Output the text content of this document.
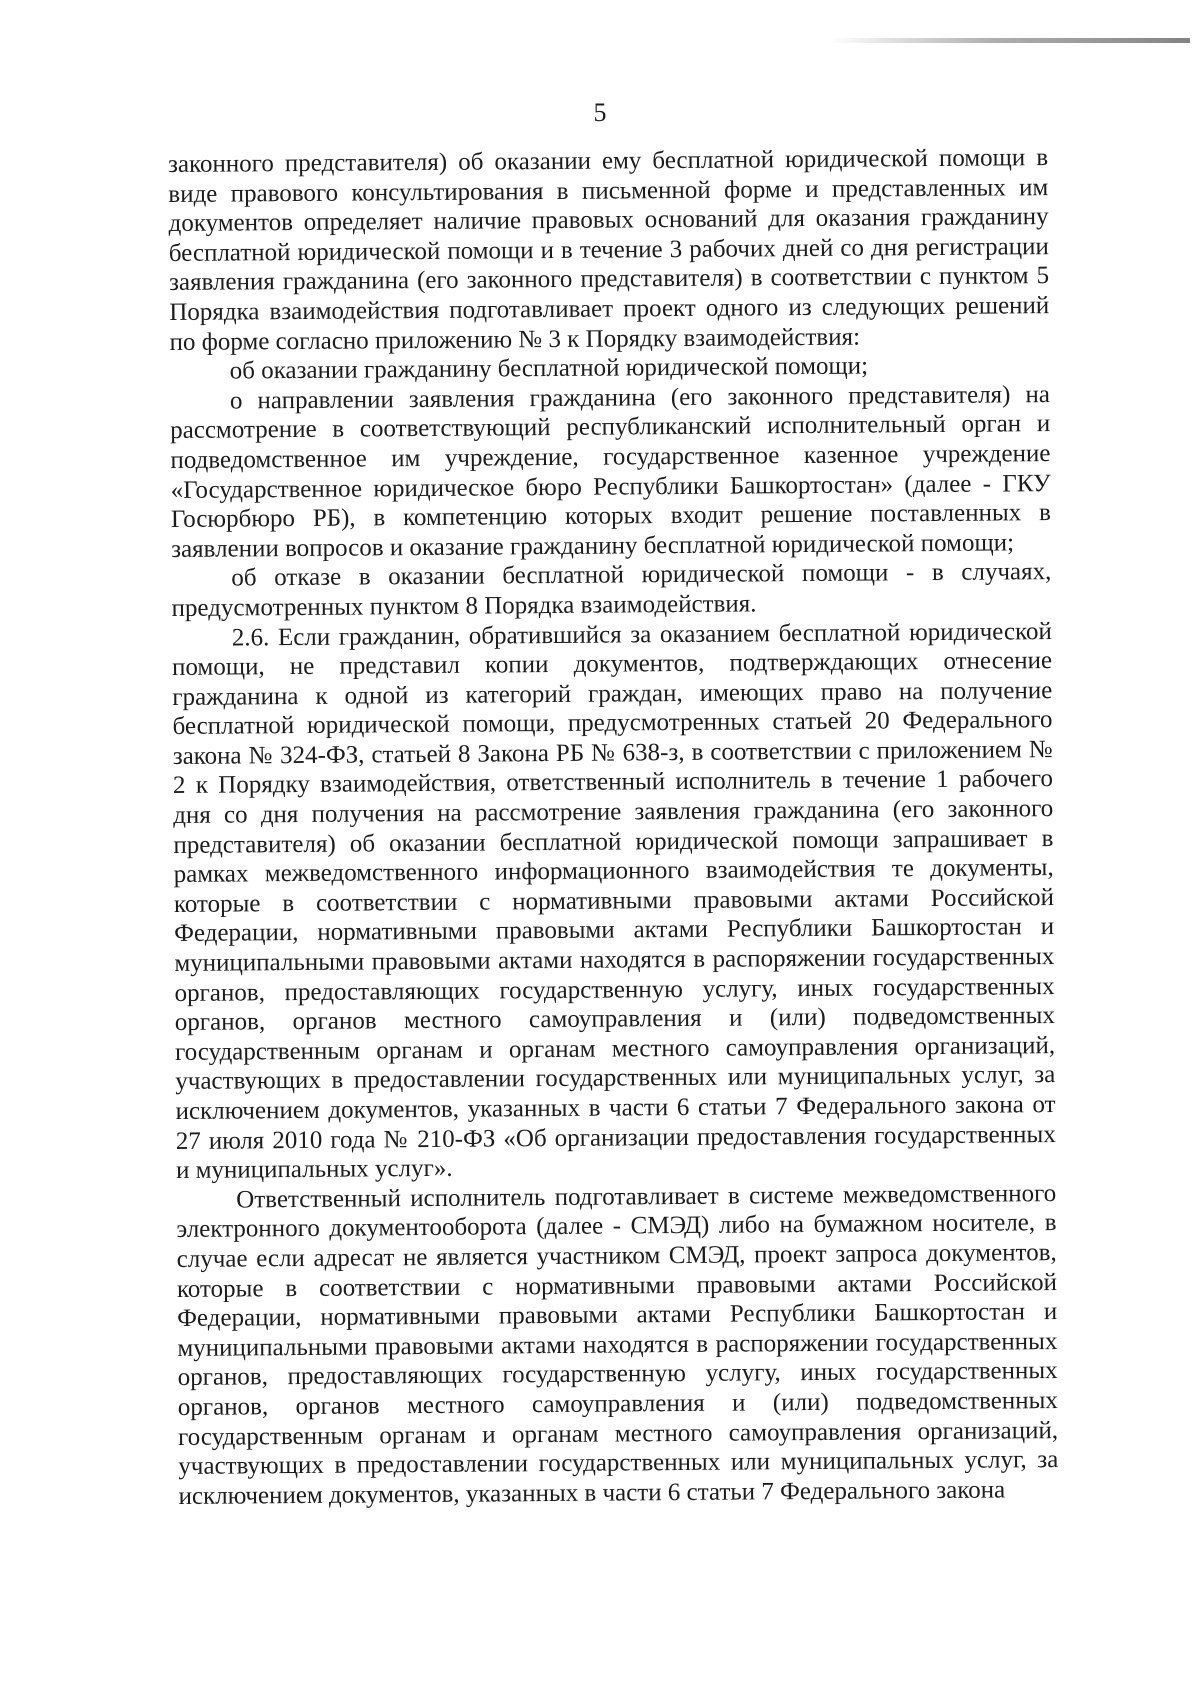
5

законного представителя) об оказании ему бесплатной юридической помощи в виде правового консультирования в письменной форме и представленных им документов определяет наличие правовых оснований для оказания гражданину бесплатной юридической помощи и в течение 3 рабочих дней со дня регистрации заявления гражданина (его законного представителя) в соответствии с пунктом 5 Порядка взаимодействия подготавливает проект одного из следующих решений по форме согласно приложению № 3 к Порядку взаимодействия:

об оказании гражданину бесплатной юридической помощи;

о направлении заявления гражданина (его законного представителя) на рассмотрение в соответствующий республиканский исполнительный орган и подведомственное им учреждение, государственное казенное учреждение «Государственное юридическое бюро Республики Башкортостан» (далее - ГКУ Госюрбюро РБ), в компетенцию которых входит решение поставленных в заявлении вопросов и оказание гражданину бесплатной юридической помощи;

об отказе в оказании бесплатной юридической помощи - в случаях, предусмотренных пунктом 8 Порядка взаимодействия.

2.6. Если гражданин, обратившийся за оказанием бесплатной юридической помощи, не представил копии документов, подтверждающих отнесение гражданина к одной из категорий граждан, имеющих право на получение бесплатной юридической помощи, предусмотренных статьей 20 Федерального закона № 324-ФЗ, статьей 8 Закона РБ № 638-з, в соответствии с приложением № 2 к Порядку взаимодействия, ответственный исполнитель в течение 1 рабочего дня со дня получения на рассмотрение заявления гражданина (его законного представителя) об оказании бесплатной юридической помощи запрашивает в рамках межведомственного информационного взаимодействия те документы, которые в соответствии с нормативными правовыми актами Российской Федерации, нормативными правовыми актами Республики Башкортостан и муниципальными правовыми актами находятся в распоряжении государственных органов, предоставляющих государственную услугу, иных государственных органов, органов местного самоуправления и (или) подведомственных государственным органам и органам местного самоуправления организаций, участвующих в предоставлении государственных или муниципальных услуг, за исключением документов, указанных в части 6 статьи 7 Федерального закона от 27 июля 2010 года № 210-ФЗ «Об организации предоставления государственных и муниципальных услуг».

Ответственный исполнитель подготавливает в системе межведомственного электронного документооборота (далее - СМЭД) либо на бумажном носителе, в случае если адресат не является участником СМЭД, проект запроса документов, которые в соответствии с нормативными правовыми актами Российской Федерации, нормативными правовыми актами Республики Башкортостан и муниципальными правовыми актами находятся в распоряжении государственных органов, предоставляющих государственную услугу, иных государственных органов, органов местного самоуправления и (или) подведомственных государственным органам и органам местного самоуправления организаций, участвующих в предоставлении государственных или муниципальных услуг, за исключением документов, указанных в части 6 статьи 7 Федерального закона
